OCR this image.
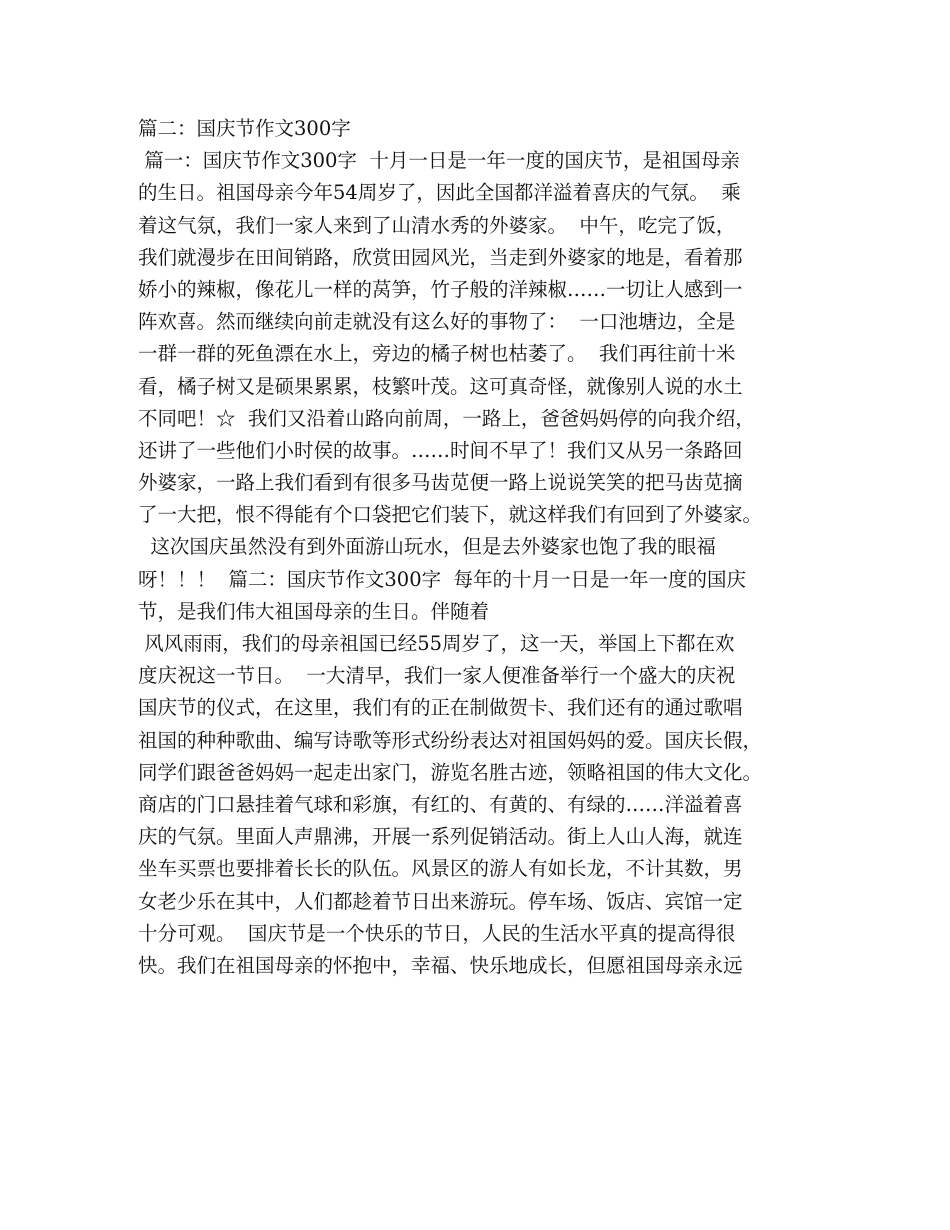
篇二：国庆节作文300字
篇一：国庆节作文300字  十月一日是一年一度的国庆节，是祖国母亲
的生日。祖国母亲今年54周岁了，因此全国都洋溢着喜庆的气氛。  乘
着这气氛，我们一家人来到了山清水秀的外婆家。  中午，吃完了饭，
我们就漫步在田间销路，欣赏田园风光，当走到外婆家的地是，看着那
娇小的辣椒，像花儿一样的莴笋，竹子般的洋辣椒……一切让人感到一
阵欢喜。然而继续向前走就没有这么好的事物了：  一口池塘边，全是
一群一群的死鱼漂在水上，旁边的橘子树也枯萎了。  我们再往前十米
看，橘子树又是硕果累累，枝繁叶茂。这可真奇怪，就像别人说的水土
不同吧！☆  我们又沿着山路向前周，一路上，爸爸妈妈停的向我介绍，
还讲了一些他们小时侯的故事。……时间不早了！我们又从另一条路回
外婆家，一路上我们看到有很多马齿苋便一路上说说笑笑的把马齿苋摘
了一大把，恨不得能有个口袋把它们装下，就这样我们有回到了外婆家。
这次国庆虽然没有到外面游山玩水，但是去外婆家也饱了我的眼福
呀！！！  篇二：国庆节作文300字  每年的十月一日是一年一度的国庆
节，是我们伟大祖国母亲的生日。伴随着
风风雨雨，我们的母亲祖国已经55周岁了，这一天，举国上下都在欢
度庆祝这一节日。  一大清早，我们一家人便准备举行一个盛大的庆祝
国庆节的仪式，在这里，我们有的正在制做贺卡、我们还有的通过歌唱
祖国的种种歌曲、编写诗歌等形式纷纷表达对祖国妈妈的爱。国庆长假，
同学们跟爸爸妈妈一起走出家门，游览名胜古迹，领略祖国的伟大文化。
商店的门口悬挂着气球和彩旗，有红的、有黄的、有绿的……洋溢着喜
庆的气氛。里面人声鼎沸，开展一系列促销活动。街上人山人海，就连
坐车买票也要排着长长的队伍。风景区的游人有如长龙，不计其数，男
女老少乐在其中，人们都趁着节日出来游玩。停车场、饭店、宾馆一定
十分可观。  国庆节是一个快乐的节日，人民的生活水平真的提高得很
快。我们在祖国母亲的怀抱中，幸福、快乐地成长，但愿祖国母亲永远
